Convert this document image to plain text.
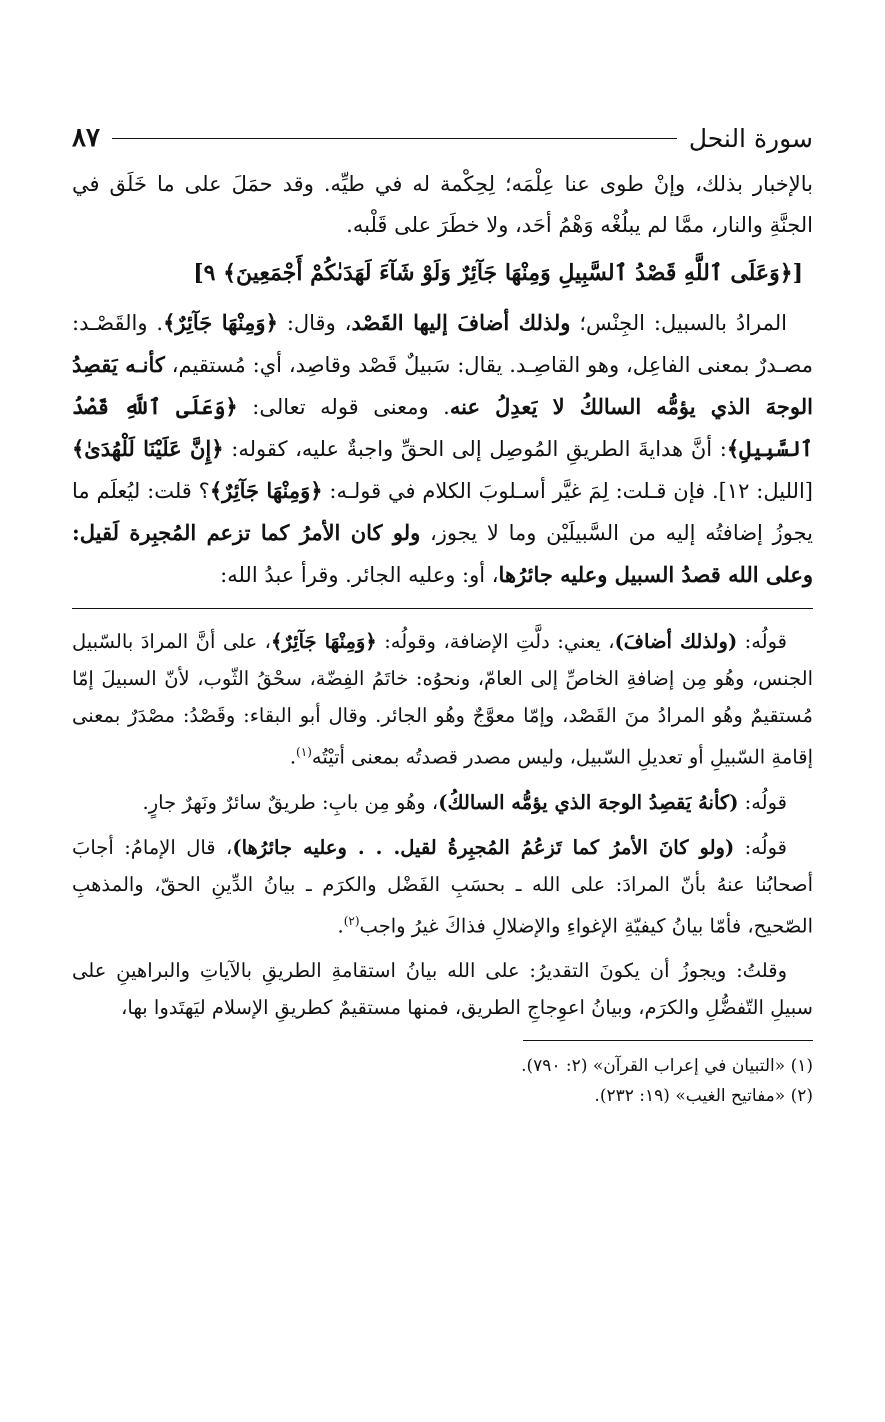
سورة النحل
٨٧

بالإخبار بذلك، وإنْ طوى عنا عِلْمَه؛ لِحِكْمة له في طيِّه. وقد حمَلَ على ما خَلَق في الجنَّةِ والنار، ممَّا لم يبلُغْه وَهْمُ أحَد، ولا خطَرَ على قَلْبه.

[﴿وَعَلَى ٱللَّهِ قَصْدُ ٱلسَّبِيلِ وَمِنْهَا جَآئِرٌ وَلَوْ شَآءَ لَهَدَىٰكُمْ أَجْمَعِينَ﴾ ٩]

المرادُ بالسبيل: الجِنْس؛ ولذلك أضافَ إليها القَصْد، وقال: ﴿وَمِنْهَا جَآئِرٌ﴾. والقَصْـد: مصـدرٌ بمعنى الفاعِل، وهو القاصِـد. يقال: سَبيلٌ قَصْد وقاصِد، أي: مُستقيم، كأنـه يَقصِدُ الوجهَ الذي يؤمُّه السالكُ لا يَعدِلُ عنه. ومعنى قوله تعالى: ﴿وَعَلَى ٱللَّهِ قَصْدُ ٱلسَّبِيلِ﴾: أنَّ هدايةَ الطريقِ المُوصِل إلى الحقِّ واجبةٌ عليه، كقوله: ﴿إِنَّ عَلَيْنَا لَلْهُدَىٰ﴾ [الليل: ١٢]. فإن قـلت: لِمَ غيَّر أسـلوبَ الكلام في قولـه: ﴿وَمِنْهَا جَآئِرٌ﴾؟ قلت: ليُعلَم ما يجوزُ إضافتُه إليه من السَّبيلَيْن وما لا يجوز، ولو كان الأمرُ كما تزعم المُجبِرة لَقيل: وعلى الله قصدُ السبيل وعليه جائرُها، أو: وعليه الجائر. وقرأ عبدُ الله:

قولُه: (ولذلك أضافَ)، يعني: دلَّتِ الإضافة، وقولُه: ﴿وَمِنْهَا جَآئِرٌ﴾، على أنَّ المرادَ بالسّبيل الجنس، وهُو مِن إضافةِ الخاصِّ إلى العامّ، ونحوُه: خاتَمُ الفِضّة، سحْقُ الثّوب، لأنّ السبيلَ إمّا مُستقيمٌ وهُو المرادُ منَ القَصْد، وإمّا معوَّجٌ وهُو الجائر. وقال أبو البقاء: وقَصْدُ: مصْدَرٌ بمعنى إقامةِ السّبيلِ أو تعديلِ السّبيل، وليس مصدر قصدتُه بمعنى أتيْتُه$^{(١)}$.

قولُه: (كأنهُ يَقصِدُ الوجهَ الذي يؤمُّه السالكُ)، وهُو مِن بابِ: طريقٌ سائرٌ ونَهرٌ جارٍ.

قولُه: (ولو كانَ الأمرُ كما تَزعُمُ المُجبِرةُ لقيل. . . وعليه جائرُها)، قال الإمامُ: أجابَ أصحابُنا عنهُ بأنّ المرادَ: على الله ـ بحسَبِ الفَضْل والكرَم ـ بيانُ الدِّينِ الحقّ، والمذهبِ الصّحيح، فأمّا بيانُ كيفيّةِ الإغواءِ والإضلالِ فذاكَ غيرُ واجب$^{(٢)}$.

وقلتُ: ويجوزُ أن يكونَ التقديرُ: على الله بيانُ استقامةِ الطريقِ بالآياتِ والبراهينِ على سبيلِ التّفضُّلِ والكرَم، وبيانُ اعوِجاجِ الطريق، فمنها مستقيمٌ كطريقِ الإسلام ليَهتَدوا بها،

(١) «التبيان في إعراب القرآن» (٢: ٧٩٠).

(٢) «مفاتيح الغيب» (١٩: ٢٣٢).
